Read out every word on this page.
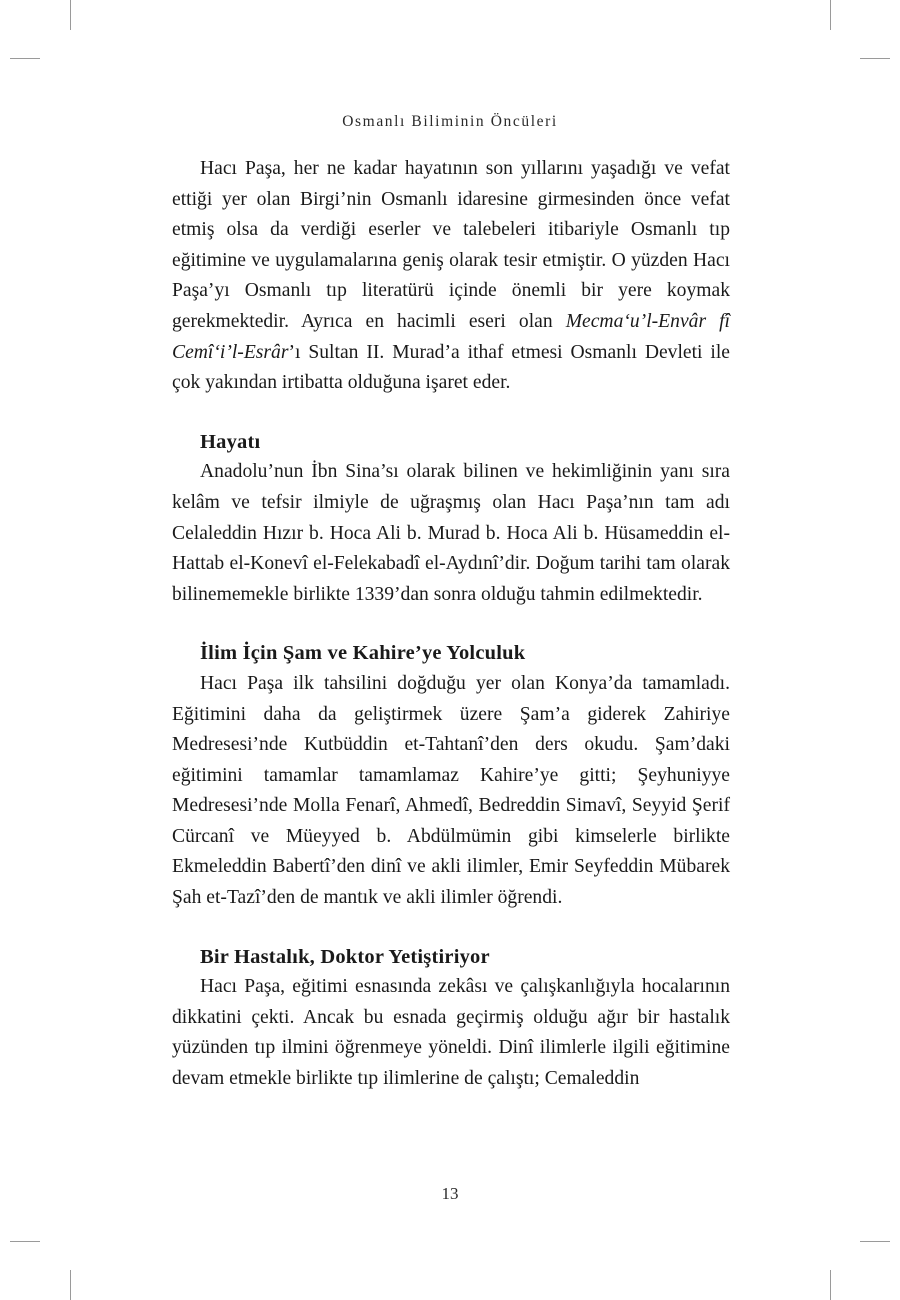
Osmanlı Biliminin Öncüleri

Hacı Paşa, her ne kadar hayatının son yıllarını yaşadığı ve vefat ettiği yer olan Birgi’nin Osmanlı idaresine girmesinden önce vefat etmiş olsa da verdiği eserler ve talebeleri itibariyle Osmanlı tıp eğitimine ve uygulamalarına geniş olarak tesir etmiştir. O yüzden Hacı Paşa’yı Osmanlı tıp literatürü içinde önemli bir yere koymak gerekmektedir. Ayrıca en hacimli eseri olan Mecma‘u’l-Envâr fî Cemî‘i’l-Esrâr’ı Sultan II. Murad’a ithaf etmesi Osmanlı Devleti ile çok yakından irtibatta olduğuna işaret eder.

Hayatı

Anadolu’nun İbn Sina’sı olarak bilinen ve hekimliğinin yanı sıra kelâm ve tefsir ilmiyle de uğraşmış olan Hacı Paşa’nın tam adı Celaleddin Hızır b. Hoca Ali b. Murad b. Hoca Ali b. Hüsameddin el-Hattab el-Konevî el-Felekabadî el-Aydınî’dir. Doğum tarihi tam olarak bilinememekle birlikte 1339’dan sonra olduğu tahmin edilmektedir.

İlim İçin Şam ve Kahire’ye Yolculuk

Hacı Paşa ilk tahsilini doğduğu yer olan Konya’da tamamladı. Eğitimini daha da geliştirmek üzere Şam’a giderek Zahiriye Medresesi’nde Kutbüddin et-Tahtanî’den ders okudu. Şam’daki eğitimini tamamlar tamamlamaz Kahire’ye gitti; Şeyhuniyye Medresesi’nde Molla Fenarî, Ahmedî, Bedreddin Simavî, Seyyid Şerif Cürcanî ve Müeyyed b. Abdülmümin gibi kimselerle birlikte Ekmeleddin Babertî’den dinî ve akli ilimler, Emir Seyfeddin Mübarek Şah et-Tazî’den de mantık ve akli ilimler öğrendi.

Bir Hastalık, Doktor Yetiştiriyor

Hacı Paşa, eğitimi esnasında zekâsı ve çalışkanlığıyla hocalarının dikkatini çekti. Ancak bu esnada geçirmiş olduğu ağır bir hastalık yüzünden tıp ilmini öğrenmeye yöneldi. Dinî ilimlerle ilgili eğitimine devam etmekle birlikte tıp ilimlerine de çalıştı; Cemaleddin

13
